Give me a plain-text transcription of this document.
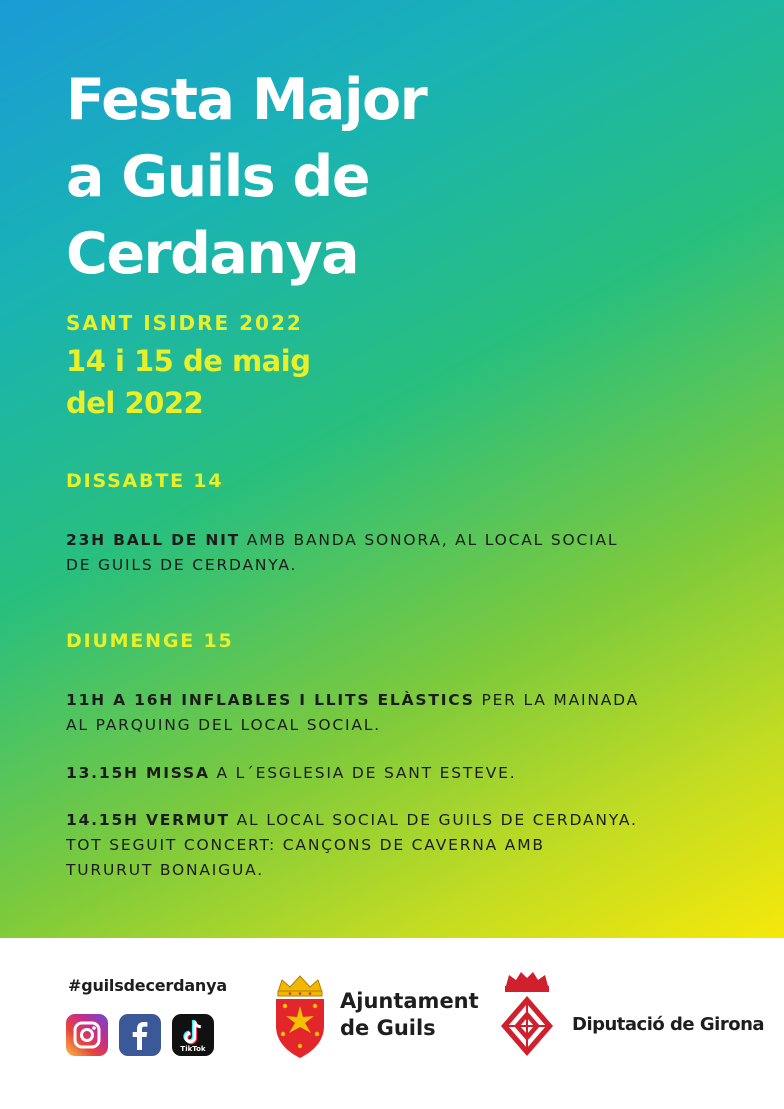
Festa Major
a Guils de
Cerdanya
SANT ISIDRE 2022
14 i 15 de maig
del 2022
DISSABTE 14
23H BALL DE NIT AMB BANDA SONORA, AL LOCAL SOCIAL
DE GUILS DE CERDANYA.
DIUMENGE 15
11H A 16H INFLABLES I LLITS ELÀSTICS PER LA MAINADA
AL PARQUING DEL LOCAL SOCIAL.
13.15H MISSA A L´ESGLESIA DE SANT ESTEVE.
14.15H VERMUT AL LOCAL SOCIAL DE GUILS DE CERDANYA.
TOT SEGUIT CONCERT: CANÇONS DE CAVERNA AMB
TURURUT BONAIGUA.
#guilsdecerdanya
TikTok
Ajuntament
de Guils	Diputació de Girona
